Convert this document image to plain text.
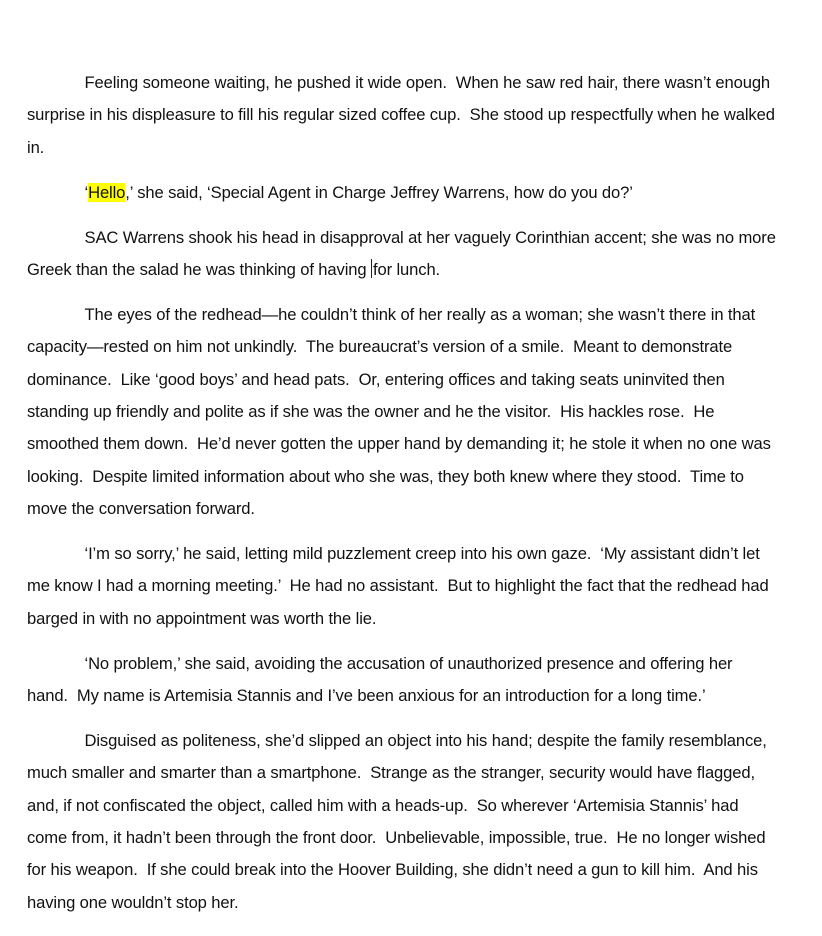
Feeling someone waiting, he pushed it wide open.  When he saw red hair, there wasn’t enough surprise in his displeasure to fill his regular sized coffee cup.  She stood up respectfully when he walked in.

‘Hello,’ she said, ‘Special Agent in Charge Jeffrey Warrens, how do you do?’

SAC Warrens shook his head in disapproval at her vaguely Corinthian accent; she was no more Greek than the salad he was thinking of having for lunch.

The eyes of the redhead—he couldn’t think of her really as a woman; she wasn’t there in that capacity—rested on him not unkindly.  The bureaucrat’s version of a smile.  Meant to demonstrate dominance.  Like ‘good boys’ and head pats.  Or, entering offices and taking seats uninvited then standing up friendly and polite as if she was the owner and he the visitor.  His hackles rose.  He smoothed them down.  He’d never gotten the upper hand by demanding it; he stole it when no one was looking.  Despite limited information about who she was, they both knew where they stood.  Time to move the conversation forward.

‘I’m so sorry,’ he said, letting mild puzzlement creep into his own gaze.  ‘My assistant didn’t let me know I had a morning meeting.’  He had no assistant.  But to highlight the fact that the redhead had barged in with no appointment was worth the lie.

‘No problem,’ she said, avoiding the accusation of unauthorized presence and offering her hand.  My name is Artemisia Stannis and I’ve been anxious for an introduction for a long time.’

Disguised as politeness, she’d slipped an object into his hand; despite the family resemblance, much smaller and smarter than a smartphone.  Strange as the stranger, security would have flagged, and, if not confiscated the object, called him with a heads-up.  So wherever ‘Artemisia Stannis’ had come from, it hadn’t been through the front door.  Unbelievable, impossible, true.  He no longer wished for his weapon.  If she could break into the Hoover Building, she didn’t need a gun to kill him.  And his having one wouldn’t stop her.
